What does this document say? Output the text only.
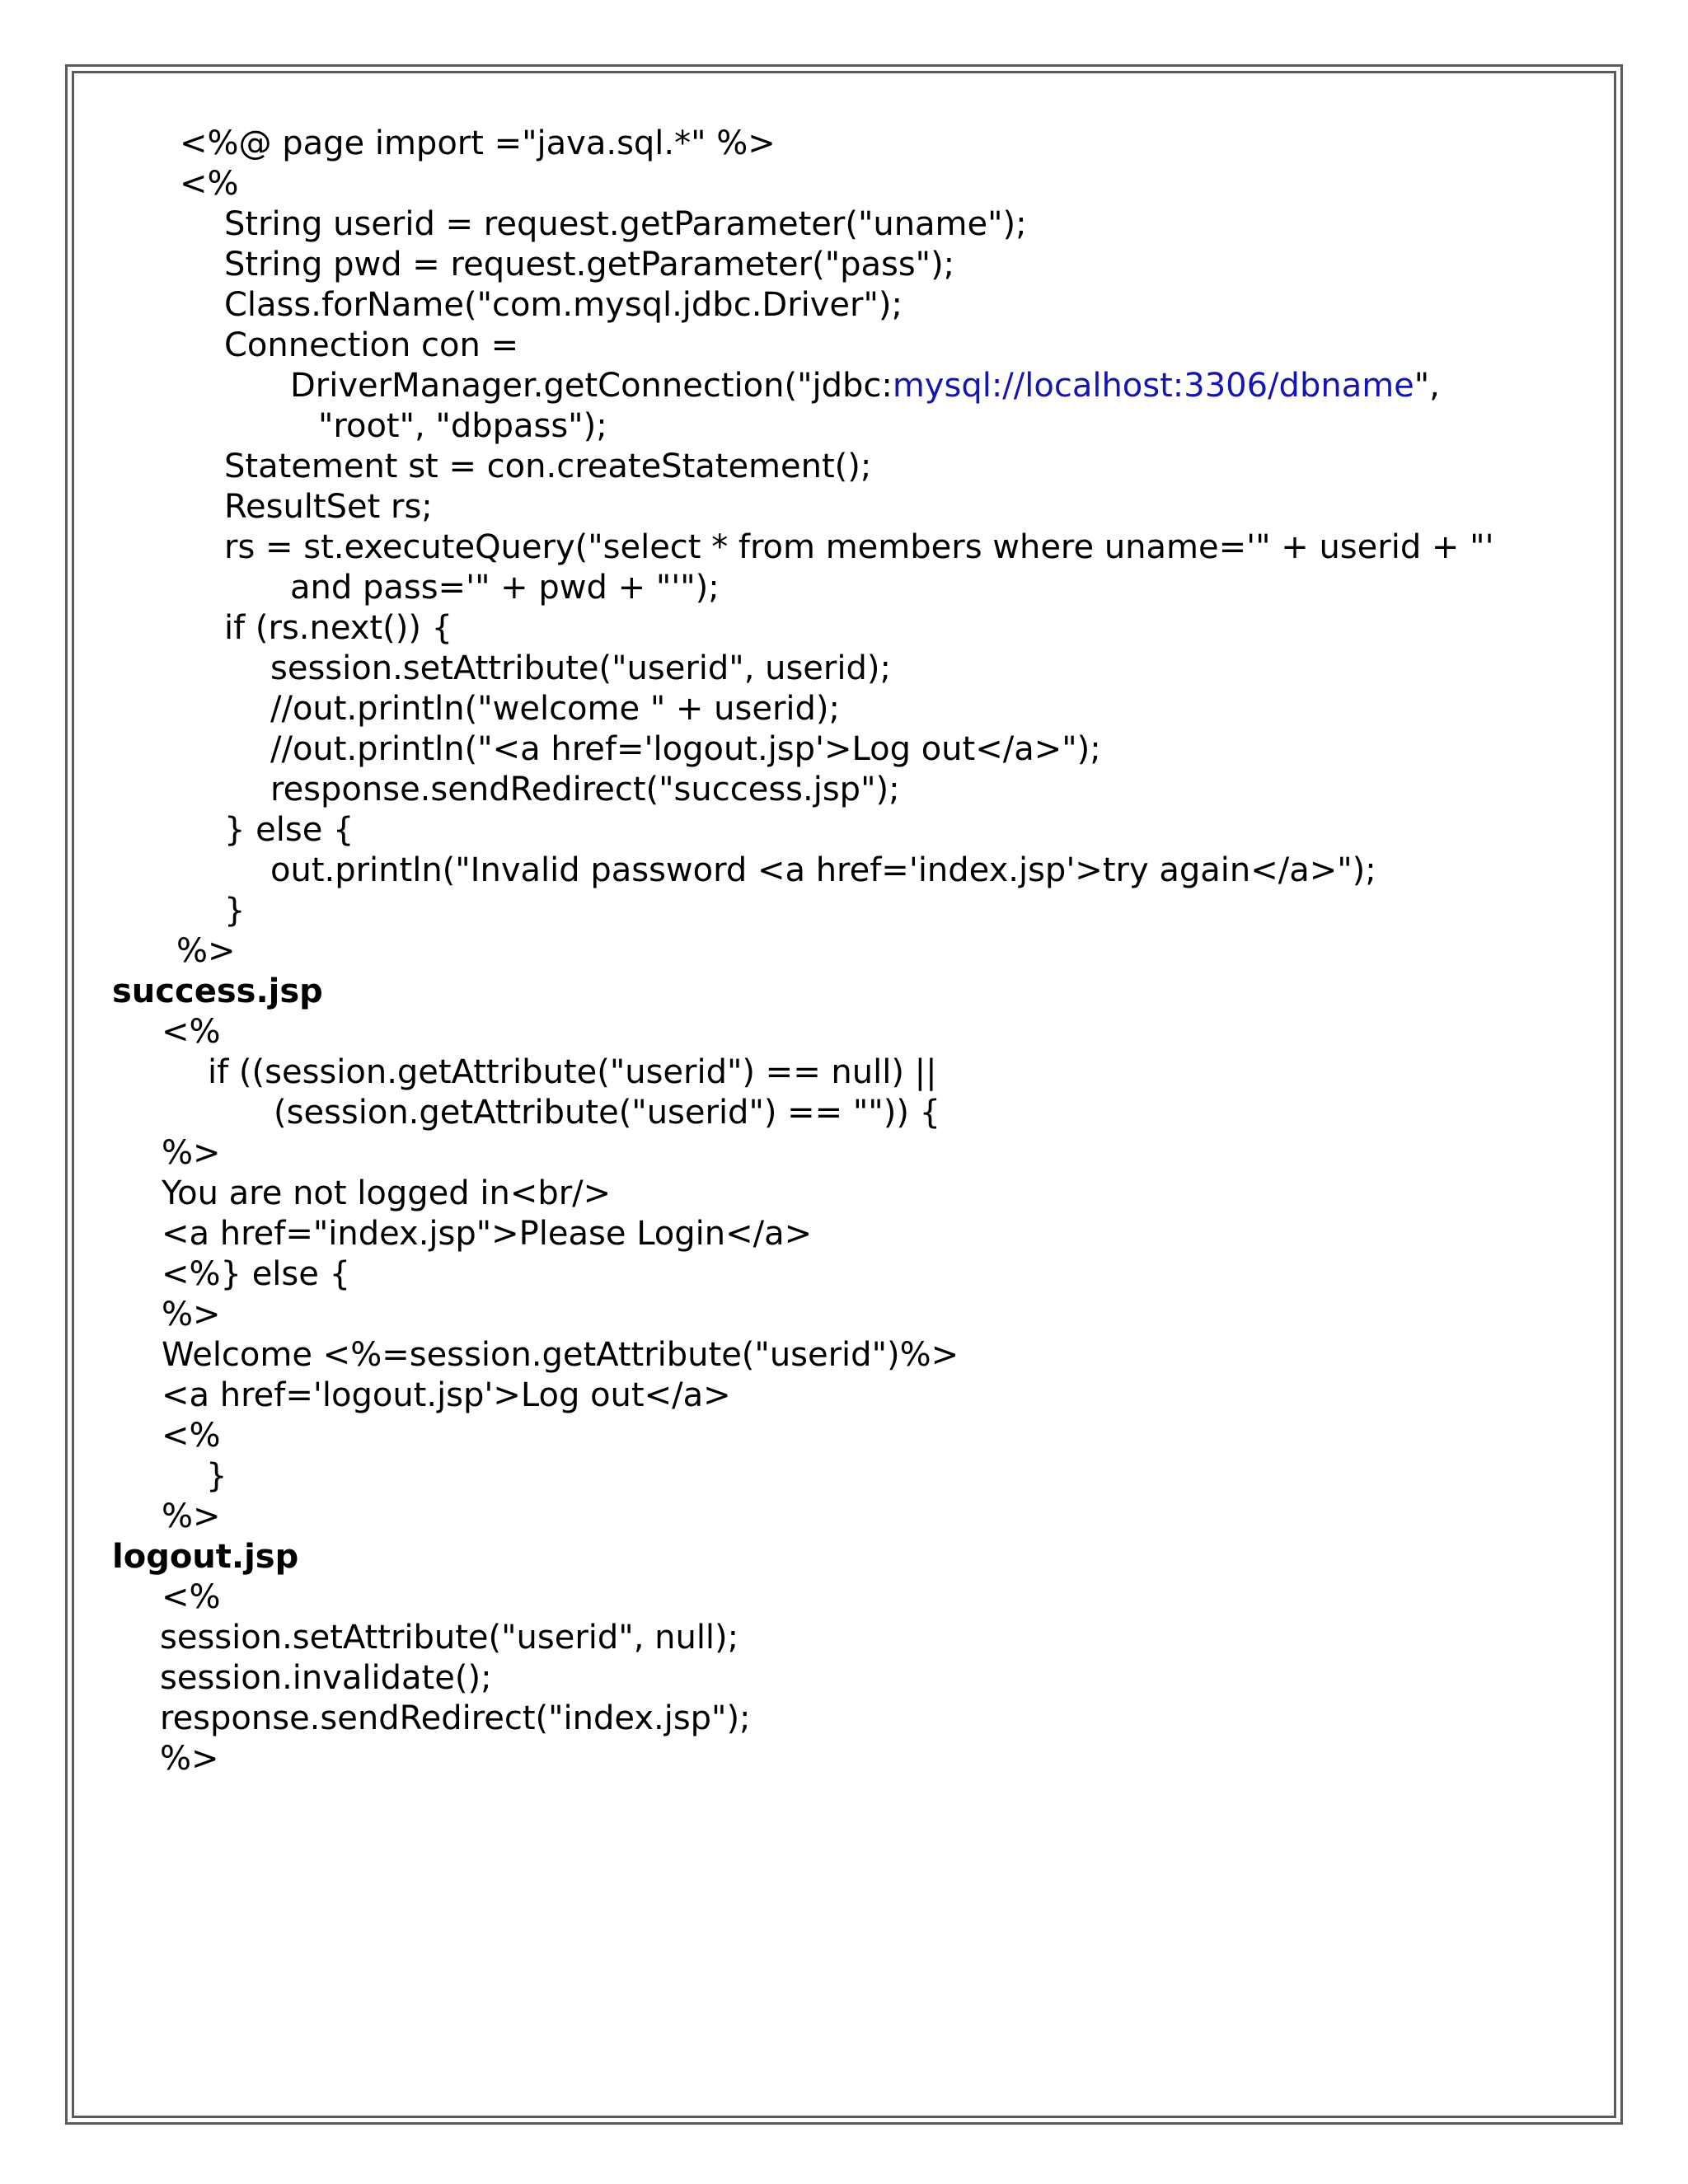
<%@ page import ="java.sql.*" %>
<%
String userid = request.getParameter("uname");
String pwd = request.getParameter("pass");
Class.forName("com.mysql.jdbc.Driver");
Connection con =
DriverManager.getConnection("jdbc:mysql://localhost:3306/dbname",
"root", "dbpass");
Statement st = con.createStatement();
ResultSet rs;
rs = st.executeQuery("select * from members where uname='" + userid + "'
and pass='" + pwd + "'");
if (rs.next()) {
session.setAttribute("userid", userid);
//out.println("welcome " + userid);
//out.println("<a href='logout.jsp'>Log out</a>");
response.sendRedirect("success.jsp");
} else {
out.println("Invalid password <a href='index.jsp'>try again</a>");
}
%>
success.jsp
<%
if ((session.getAttribute("userid") == null) ||
(session.getAttribute("userid") == "")) {
%>
You are not logged in<br/>
<a href="index.jsp">Please Login</a>
<%} else {
%>
Welcome <%=session.getAttribute("userid")%>
<a href='logout.jsp'>Log out</a>
<%
}
%>
logout.jsp
<%
session.setAttribute("userid", null);
session.invalidate();
response.sendRedirect("index.jsp");
%>
